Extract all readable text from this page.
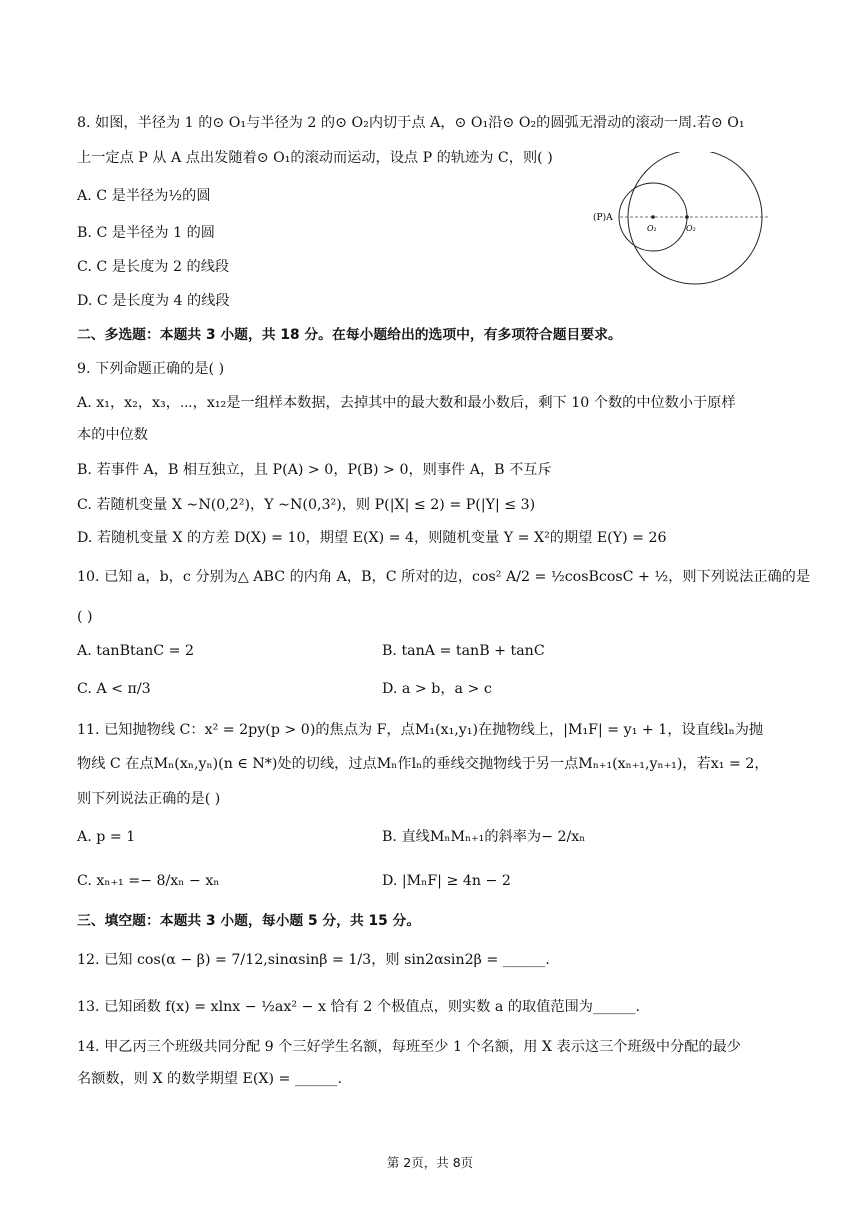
8. 如图，半径为 1 的⊙ O₁与半径为 2 的⊙ O₂内切于点 A，⊙ O₁沿⊙ O₂的圆弧无滑动的滚动一周.若⊙ O₁
上一定点 P 从 A 点出发随着⊙ O₁的滚动而运动，设点 P 的轨迹为 C，则( )
A. C 是半径为½的圆
B. C 是半径为 1 的圆
C. C 是长度为 2 的线段
D. C 是长度为 4 的线段
(P)A
O₁	O₂
二、多选题：本题共 3 小题，共 18 分。在每小题给出的选项中，有多项符合题目要求。
9. 下列命题正确的是( )
A. x₁，x₂，x₃，⋯，x₁₂是一组样本数据，去掉其中的最大数和最小数后，剩下 10 个数的中位数小于原样
本的中位数
B. 若事件 A，B 相互独立，且 P(A) > 0，P(B) > 0，则事件 A，B 不互斥
C. 若随机变量 X ∼N(0,2²)，Y ∼N(0,3²)，则 P(|X| ≤ 2) = P(|Y| ≤ 3)
D. 若随机变量 X 的方差 D(X) = 10，期望 E(X) = 4，则随机变量 Y = X²的期望 E(Y) = 26
10. 已知 a，b，c 分别为△ ABC 的内角 A，B，C 所对的边，cos² A/2 = ½cosBcosC + ½，则下列说法正确的是
( )
A. tanBtanC = 2	B. tanA = tanB + tanC
C. A < π/3	D. a > b，a > c
11. 已知抛物线 C：x² = 2py(p > 0)的焦点为 F，点M₁(x₁,y₁)在抛物线上，|M₁F| = y₁ + 1，设直线lₙ为抛
物线 C 在点Mₙ(xₙ,yₙ)(n ∈ N*)处的切线，过点Mₙ作lₙ的垂线交抛物线于另一点Mₙ₊₁(xₙ₊₁,yₙ₊₁)，若x₁ = 2，
则下列说法正确的是( )
A. p = 1	B. 直线MₙMₙ₊₁的斜率为− 2/xₙ
C. xₙ₊₁ =− 8/xₙ − xₙ	D. |MₙF| ≥ 4n − 2
三、填空题：本题共 3 小题，每小题 5 分，共 15 分。
12. 已知 cos(α − β) = 7/12,sinαsinβ = 1/3，则 sin2αsin2β = ______.
13. 已知函数 f(x) = xlnx − ½ax² − x 恰有 2 个极值点，则实数 a 的取值范围为______.
14. 甲乙丙三个班级共同分配 9 个三好学生名额，每班至少 1 个名额，用 X 表示这三个班级中分配的最少
名额数，则 X 的数学期望 E(X) = ______.
第 2页，共 8页
